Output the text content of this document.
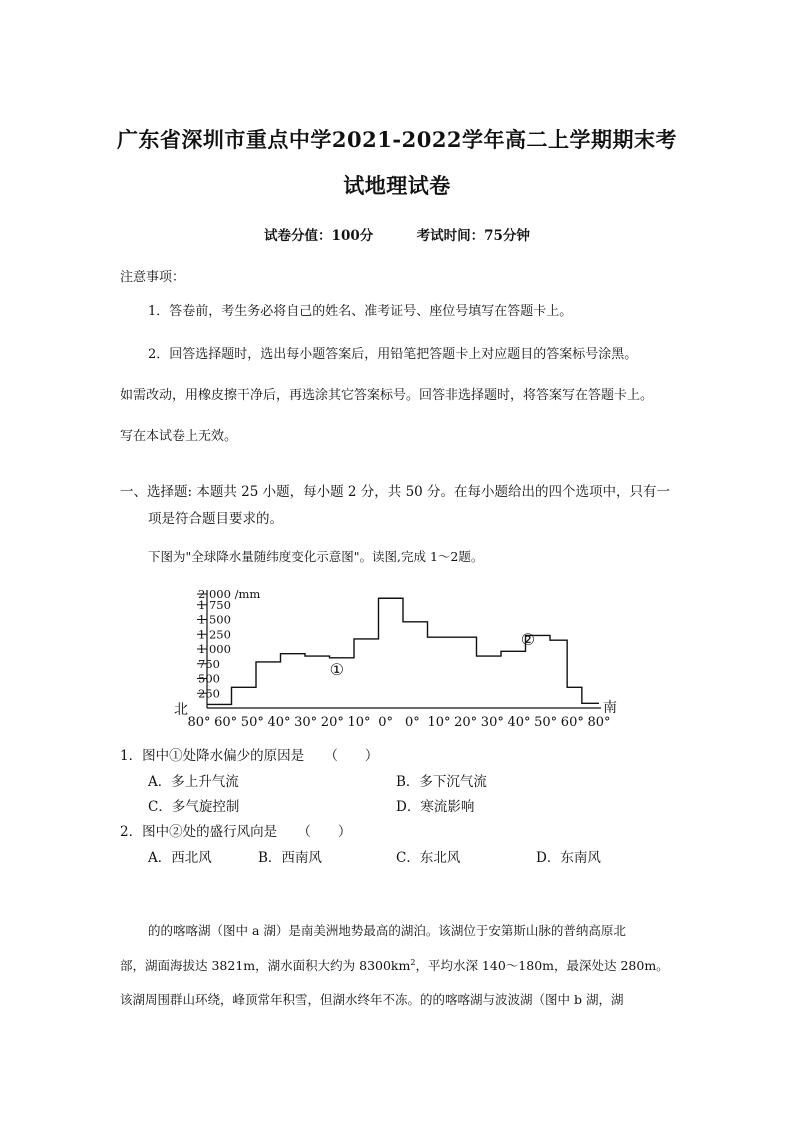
广东省深圳市重点中学2021-2022学年高二上学期期末考
试地理试卷
试卷分值：100分	考试时间：75分钟
注意事项：
1．答卷前，考生务必将自己的姓名、准考证号、座位号填写在答题卡上。
2．回答选择题时，选出每小题答案后，用铅笔把答题卡上对应题目的答案标号涂黑。
如需改动，用橡皮擦干净后，再选涂其它答案标号。回答非选择题时，将答案写在答题卡上。
写在本试卷上无效。
一、选择题: 本题共 25 小题，每小题 2 分，共 50 分。在每小题给出的四个选项中，只有一
项是符合题目要求的。
下图为"全球降水量随纬度变化示意图"。读图,完成 1～2题。
250
500
750
1 000
1 250
1 500
1 750
2 000 /mm
北	南
80° 60° 50° 40° 30° 20° 10° 0° 0° 10° 20° 30° 40° 50° 60° 80°
①
②
1．图中①处降水偏少的原因是　　（　　）
A．多上升气流	B．多下沉气流
C．多气旋控制	D．寒流影响
2．图中②处的盛行风向是　　（　　）
A．西北风	B．西南风	C．东北风	D．东南风
的的喀喀湖（图中 a 湖）是南美洲地势最高的湖泊。该湖位于安第斯山脉的普纳高原北
部，湖面海拔达 3821m，湖水面积大约为 $8300km^2$，平均水深 140～180m，最深处达 280m。
该湖周围群山环绕，峰顶常年积雪，但湖水终年不冻。的的喀喀湖与波波湖（图中 b 湖，湖
